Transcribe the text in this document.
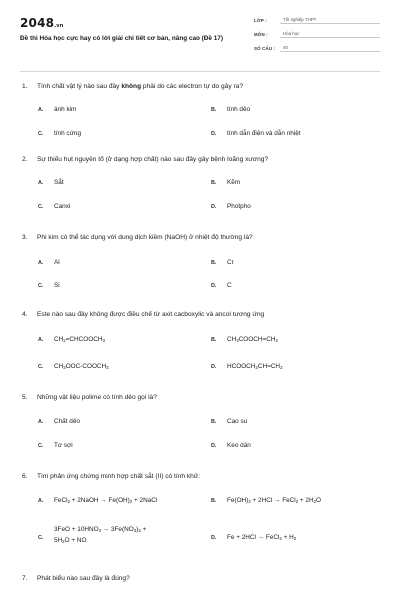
2048.vn
Đề thi Hóa học cực hay có lời giải chi tiết cơ bản, nâng cao (Đề 17)
LỚP :	Tốt nghiệp THPT
MÔN :	Hóa học
SỐ CÂU :	40
1. Tính chất vật lý nào sau đây không phải do các electron tự do gây ra?
A. ánh kim	B. tính dẻo
C. tính cứng	D. tính dẫn điện và dẫn nhiệt
2. Sự thiếu hụt nguyên tố (ở dạng hợp chất) nào sau đây gây bệnh loãng xương?
A. Sắt	B. Kẽm
C. Canxi	D. Photpho
3. Phi kim có thể tác dụng với dung dịch kiềm (NaOH) ở nhiệt độ thường là?
A. Al	B. Cr
C. Si	D. C
4. Este nào sau đây không được điều chế từ axit cacboxylic và ancol tương ứng
A. $CH_2=CHCOOCH_3$	B. $CH_3COOCH=CH_2$
C. $CH_3OOC-COOCH_3$	D. $HCOOCH_2CH=CH_2$
5. Những vật liệu polime có tính dẻo gọi là?
A. Chất dẻo	B. Cao su
C. Tơ sợi	D. Keo dán
6. Tìm phản ứng chứng minh hợp chất sắt (II) có tính khử:
A. FeCl$_2$ + 2NaOH → $Fe(OH)_2$ + 2NaCl	B. $Fe(OH)_2 + 2HCl$ → FeCl$_2$ + $2H_2O$
C.
$3FeO + 10HNO_3 \to 3Fe(NO_3)_3$ +
$5H_2O$ + NO	D. Fe + 2HCl → FeCl$_2$ + $H_2$
7. Phát biểu nào sau đây là đúng?
